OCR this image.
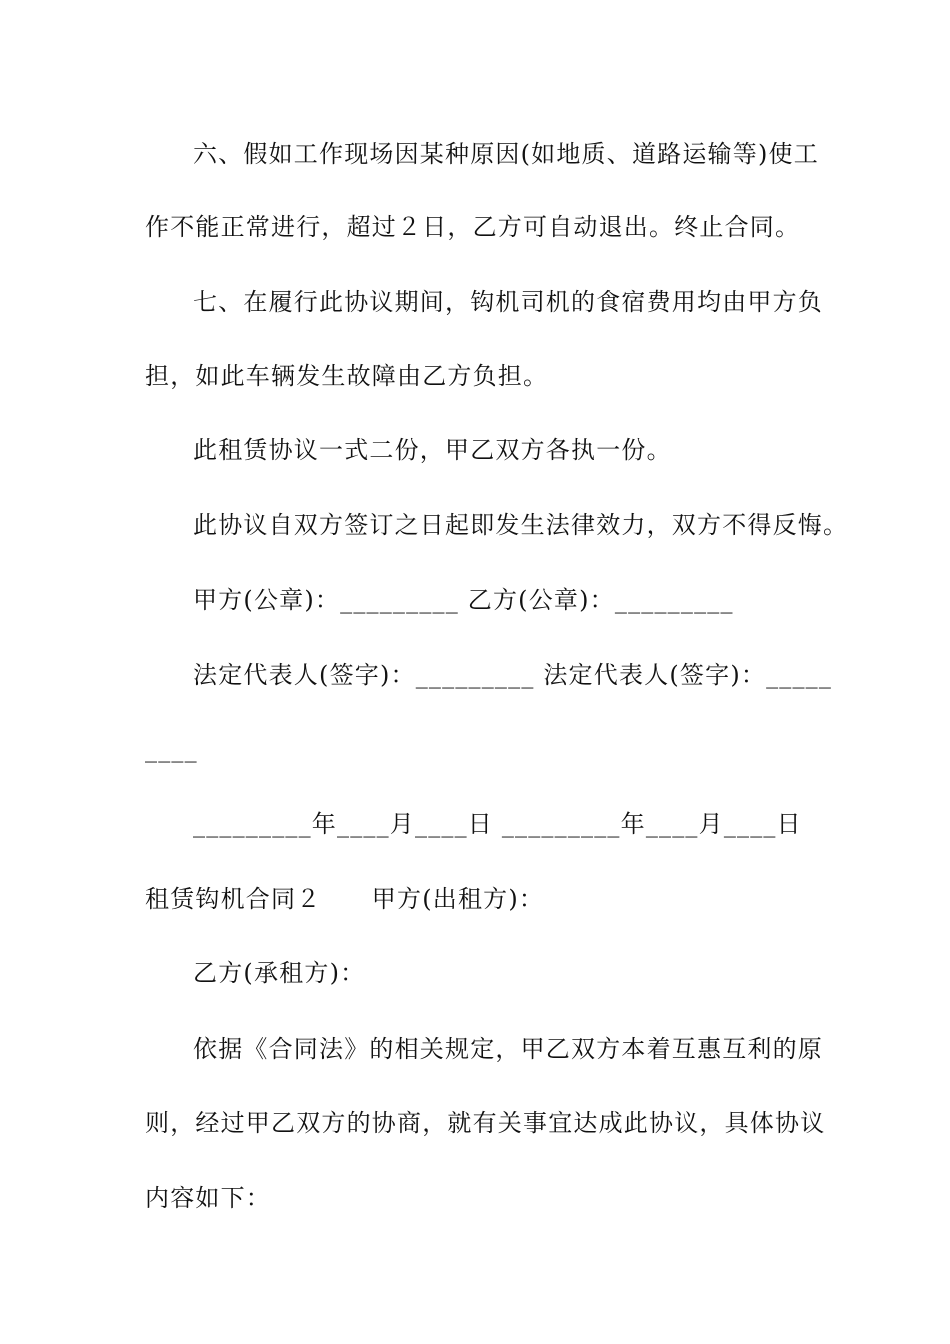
六、假如工作现场因某种原因(如地质、道路运输等)使工
作不能正常进行，超过２日，乙方可自动退出。终止合同。
七、在履行此协议期间，钩机司机的食宿费用均由甲方负
担，如此车辆发生故障由乙方负担。
此租赁协议一式二份，甲乙双方各执一份。
此协议自双方签订之日起即发生法律效力，双方不得反悔。
甲方(公章)：_________ 乙方(公章)：_________
法定代表人(签字)：_________ 法定代表人(签字)：_____
____
_________年____月____日 _________年____月____日
租赁钩机合同２　　甲方(出租方)：
乙方(承租方)：
依据《合同法》的相关规定，甲乙双方本着互惠互利的原
则，经过甲乙双方的协商，就有关事宜达成此协议，具体协议
内容如下：
